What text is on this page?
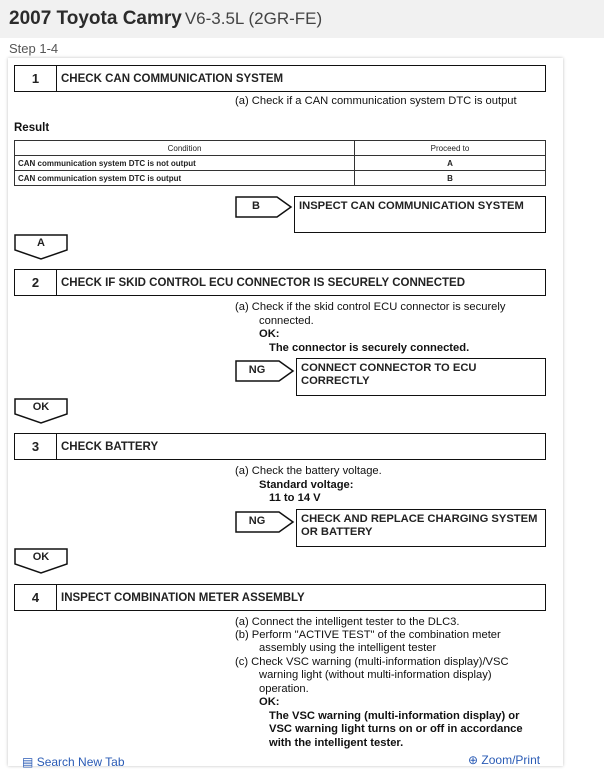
2007 Toyota Camry V6-3.5L (2GR-FE)
Step 1-4
1	CHECK CAN COMMUNICATION SYSTEM
(a) Check if a CAN communication system DTC is output
Result
Condition	Proceed to
CAN communication system DTC is not output	A
CAN communication system DTC is output	B
B	INSPECT CAN COMMUNICATION SYSTEM
A
2	CHECK IF SKID CONTROL ECU CONNECTOR IS SECURELY CONNECTED
(a) Check if the skid control ECU connector is securely
connected.
OK:
The connector is securely connected.
NG	CONNECT CONNECTOR TO ECU
CORRECTLY
OK
3	CHECK BATTERY
(a) Check the battery voltage.
Standard voltage:
11 to 14 V
NG	CHECK AND REPLACE CHARGING SYSTEM
OR BATTERY
OK
4	INSPECT COMBINATION METER ASSEMBLY
(a) Connect the intelligent tester to the DLC3.
(b) Perform "ACTIVE TEST" of the combination meter
assembly using the intelligent tester
(c) Check VSC warning (multi-information display)/VSC
warning light (without multi-information display)
operation.
OK:
The VSC warning (multi-information display) or
VSC warning light turns on or off in accordance
with the intelligent tester.
▤ Search New Tab	⊕ Zoom/Print
